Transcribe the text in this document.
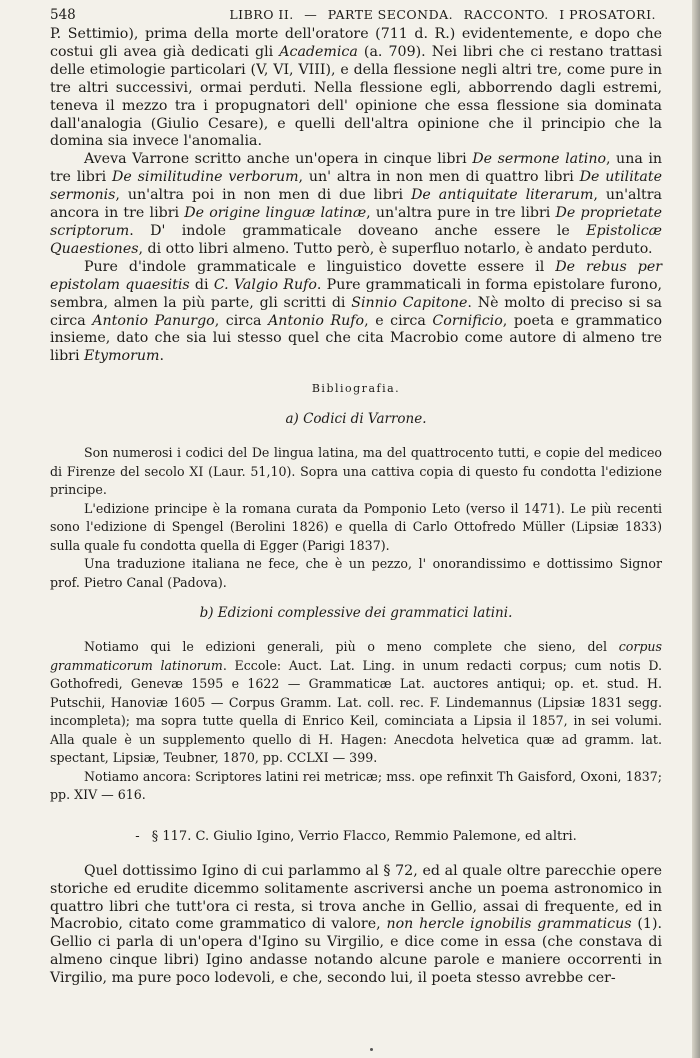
548	LIBRO II. — PARTE SECONDA. RACCONTO. I PROSATORI.

P. Settimio), prima della morte dell'oratore (711 d. R.) evidentemente, e dopo che costui gli avea già dedicati gli Academica (a. 709). Nei libri che ci restano trattasi delle etimologie particolari (V, VI, VIII), e della flessione negli altri tre, come pure in tre altri successivi, ormai perduti. Nella flessione egli, abborrendo dagli estremi, teneva il mezzo tra i propugnatori dell' opinione che essa flessione sia dominata dall'analogia (Giulio Cesare), e quelli dell'altra opinione che il principio che la domina sia invece l'anomalia.

Aveva Varrone scritto anche un'opera in cinque libri De sermone latino, una in tre libri De similitudine verborum, un' altra in non men di quattro libri De utilitate sermonis, un'altra poi in non men di due libri De antiquitate literarum, un'altra ancora in tre libri De origine linguæ latinæ, un'altra pure in tre libri De proprietate scriptorum. D' indole grammaticale doveano anche essere le Epistolicæ Quaestiones, di otto libri almeno. Tutto però, è superfluo notarlo, è andato perduto.

Pure d'indole grammaticale e linguistico dovette essere il De rebus per epistolam quaesitis di C. Valgio Rufo. Pure grammaticali in forma epistolare furono, sembra, almen la più parte, gli scritti di Sinnio Capitone. Nè molto di preciso si sa circa Antonio Panurgo, circa Antonio Rufo, e circa Cornificio, poeta e grammatico insieme, dato che sia lui stesso quel che cita Macrobio come autore di almeno tre libri Etymorum.

Bibliografia.
a) Codici di Varrone.

Son numerosi i codici del De lingua latina, ma del quattrocento tutti, e copie del mediceo di Firenze del secolo XI (Laur. 51,10). Sopra una cattiva copia di questo fu condotta l'edizione principe.

L'edizione principe è la romana curata da Pomponio Leto (verso il 1471). Le più recenti sono l'edizione di Spengel (Berolini 1826) e quella di Carlo Ottofredo Müller (Lipsiæ 1833) sulla quale fu condotta quella di Egger (Parigi 1837).

Una traduzione italiana ne fece, che è un pezzo, l' onorandissimo e dottissimo Signor prof. Pietro Canal (Padova).

b) Edizioni complessive dei grammatici latini.

Notiamo qui le edizioni generali, più o meno complete che sieno, del corpus grammaticorum latinorum. Eccole: Auct. Lat. Ling. in unum redacti corpus; cum notis D. Gothofredi, Genevæ 1595 e 1622 — Grammaticæ Lat. auctores antiqui; op. et. stud. H. Putschii, Hanoviæ 1605 — Corpus Gramm. Lat. coll. rec. F. Lindemannus (Lipsiæ 1831 segg. incompleta); ma sopra tutte quella di Enrico Keil, cominciata a Lipsia il 1857, in sei volumi. Alla quale è un supplemento quello di H. Hagen: Anecdota helvetica quæ ad gramm. lat. spectant, Lipsiæ, Teubner, 1870, pp. CCLXI — 399.

Notiamo ancora: Scriptores latini rei metricæ; mss. ope refinxit Th Gaisford, Oxoni, 1837; pp. XIV — 616.

- § 117. C. Giulio Igino, Verrio Flacco, Remmio Palemone, ed altri.

Quel dottissimo Igino di cui parlammo al § 72, ed al quale oltre parecchie opere storiche ed erudite dicemmo solitamente ascriversi anche un poema astronomico in quattro libri che tutt'ora ci resta, si trova anche in Gellio, assai di frequente, ed in Macrobio, citato come grammatico di valore, non hercle ignobilis grammaticus (1). Gellio ci parla di un'opera d'Igino su Virgilio, e dice come in essa (che constava di almeno cinque libri) Igino andasse notando alcune parole e maniere occorrenti in Virgilio, ma pure poco lodevoli, e che, secondo lui, il poeta stesso avrebbe cer-
